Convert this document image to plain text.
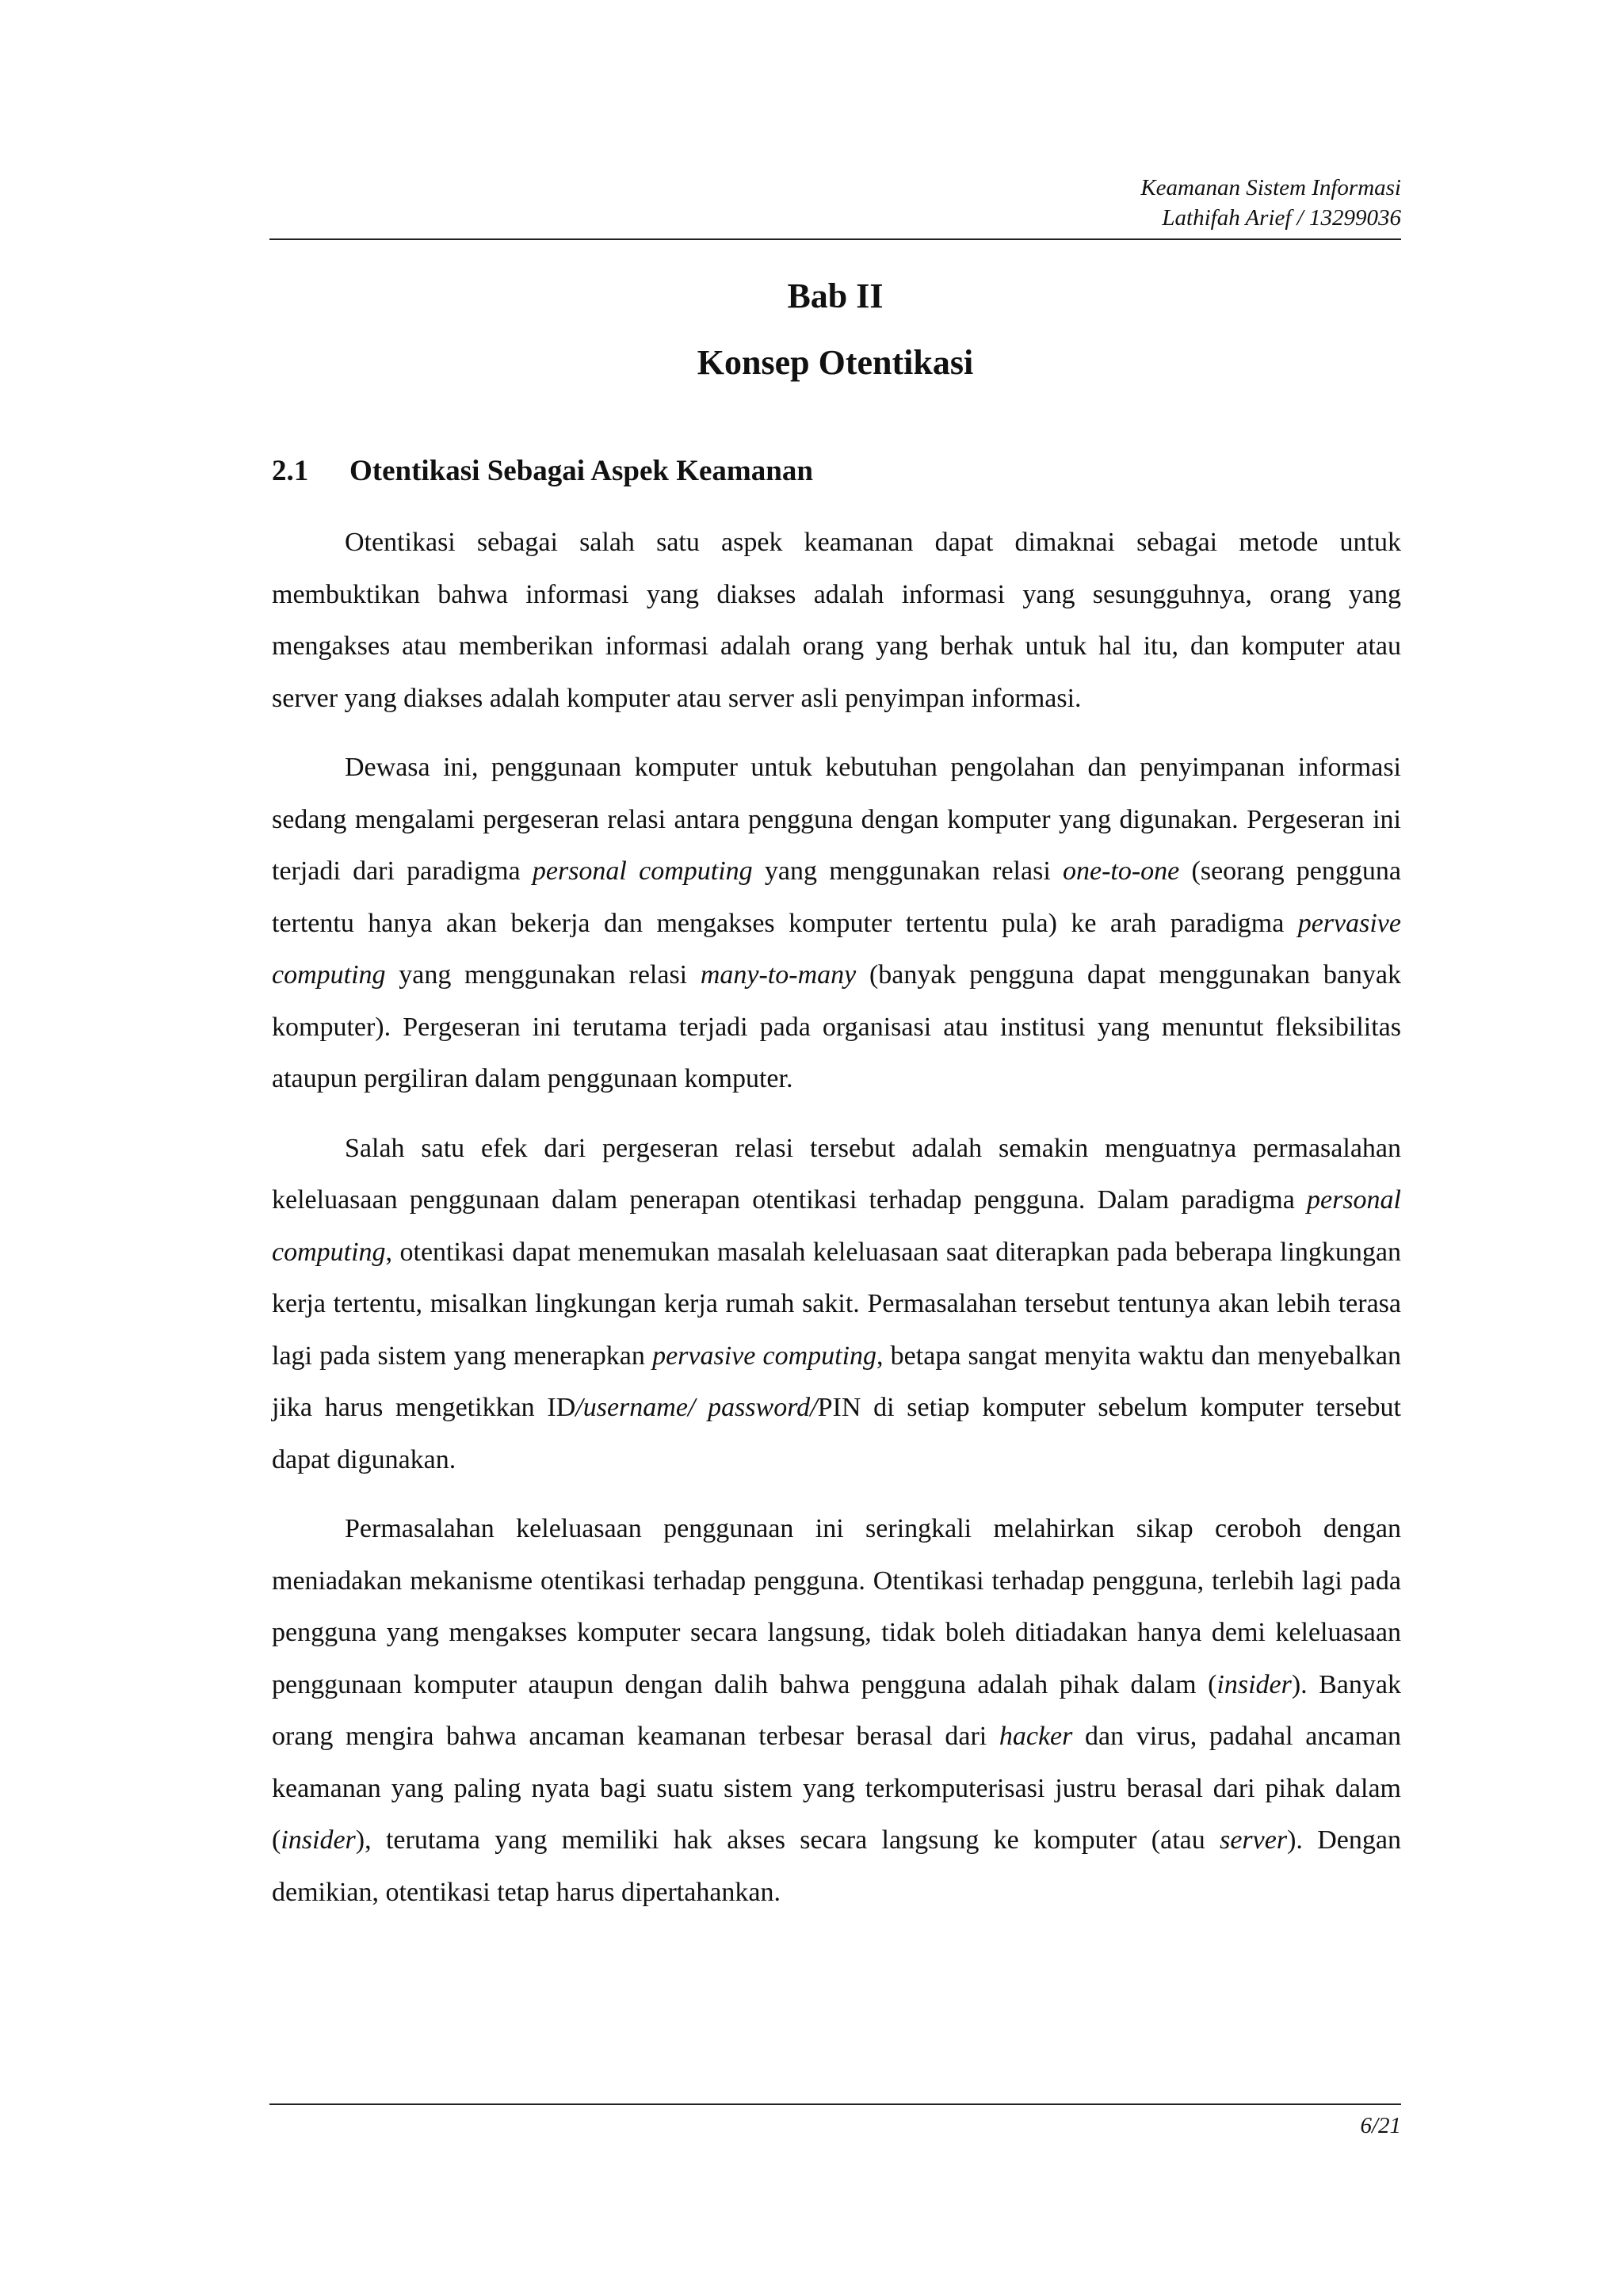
Keamanan Sistem Informasi
Lathifah Arief / 13299036
Bab II
Konsep Otentikasi
2.1 Otentikasi Sebagai Aspek Keamanan

Otentikasi sebagai salah satu aspek keamanan dapat dimaknai sebagai metode untuk membuktikan bahwa informasi yang diakses adalah informasi yang sesungguhnya, orang yang mengakses atau memberikan informasi adalah orang yang berhak untuk hal itu, dan komputer atau server yang diakses adalah komputer atau server asli penyimpan informasi.

Dewasa ini, penggunaan komputer untuk kebutuhan pengolahan dan penyimpanan informasi sedang mengalami pergeseran relasi antara pengguna dengan komputer yang digunakan. Pergeseran ini terjadi dari paradigma personal computing yang menggunakan relasi one-to-one (seorang pengguna tertentu hanya akan bekerja dan mengakses komputer tertentu pula) ke arah paradigma pervasive computing yang menggunakan relasi many-to-many (banyak pengguna dapat menggunakan banyak komputer). Pergeseran ini terutama terjadi pada organisasi atau institusi yang menuntut fleksibilitas ataupun pergiliran dalam penggunaan komputer.

Salah satu efek dari pergeseran relasi tersebut adalah semakin menguatnya permasalahan keleluasaan penggunaan dalam penerapan otentikasi terhadap pengguna. Dalam paradigma personal computing, otentikasi dapat menemukan masalah keleluasaan saat diterapkan pada beberapa lingkungan kerja tertentu, misalkan lingkungan kerja rumah sakit. Permasalahan tersebut tentunya akan lebih terasa lagi pada sistem yang menerapkan pervasive computing, betapa sangat menyita waktu dan menyebalkan jika harus mengetikkan ID/username/ password/PIN di setiap komputer sebelum komputer tersebut dapat digunakan.

Permasalahan keleluasaan penggunaan ini seringkali melahirkan sikap ceroboh dengan meniadakan mekanisme otentikasi terhadap pengguna. Otentikasi terhadap pengguna, terlebih lagi pada pengguna yang mengakses komputer secara langsung, tidak boleh ditiadakan hanya demi keleluasaan penggunaan komputer ataupun dengan dalih bahwa pengguna adalah pihak dalam (insider). Banyak orang mengira bahwa ancaman keamanan terbesar berasal dari hacker dan virus, padahal ancaman keamanan yang paling nyata bagi suatu sistem yang terkomputerisasi justru berasal dari pihak dalam (insider), terutama yang memiliki hak akses secara langsung ke komputer (atau server). Dengan demikian, otentikasi tetap harus dipertahankan.

6/21
